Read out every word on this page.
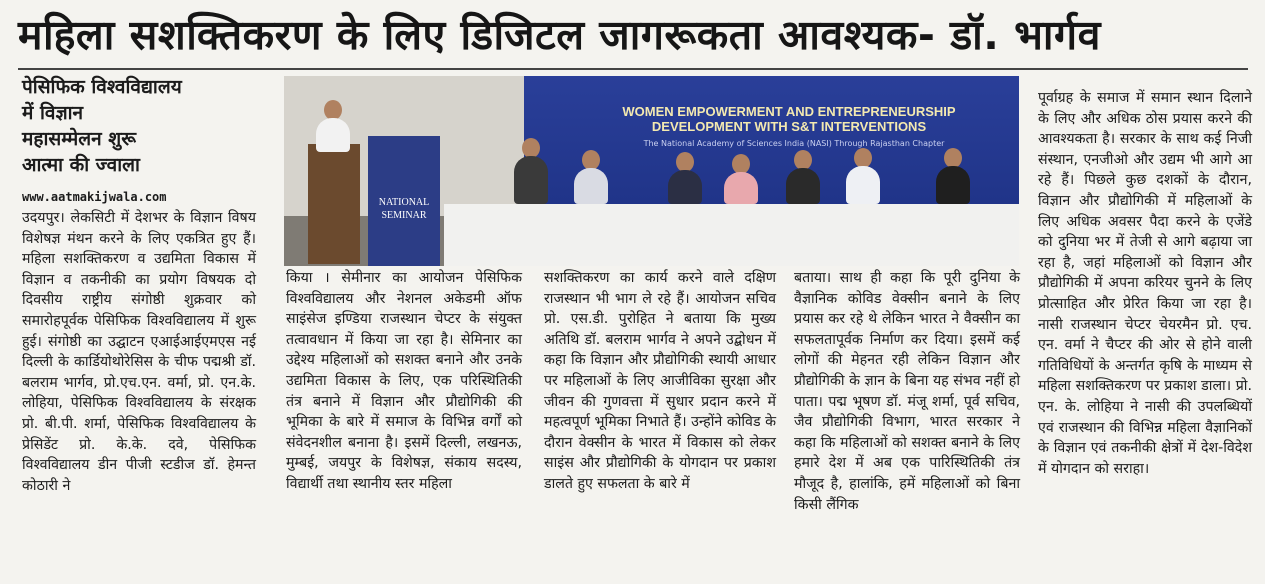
महिला सशक्तिकरण के लिए डिजिटल जागरूकता आवश्यक- डॉ. भार्गव
पेसिफिक विश्वविद्यालय
में विज्ञान
महासम्मेलन शुरू
आत्मा की ज्वाला
www.aatmakijwala.com
WOMEN EMPOWERMENT AND ENTREPRENEURSHIP
DEVELOPMENT WITH S&T INTERVENTIONS
The National Academy of Sciences India (NASI) Through Rajasthan Chapter
NATIONAL
SEMINAR

उदयपुर। लेकसिटी में देशभर के विज्ञान विषय विशेषज्ञ मंथन करने के लिए एकत्रित हुए हैं। महिला सशक्तिकरण व उद्यमिता विकास में विज्ञान व तकनीकी का प्रयोग विषयक दो दिवसीय राष्ट्रीय संगोष्ठी शुक्रवार को समारोहपूर्वक पेसिफिक विश्वविद्यालय में शुरू हुई। संगोष्ठी का उद्घाटन एआईआईएमएस नई दिल्ली के कार्डियोथोरेसिस के चीफ पद्मश्री डॉ. बलराम भार्गव, प्रो.एच.एन. वर्मा, प्रो. एन.के. लोहिया, पेसिफिक विश्वविद्यालय के संरक्षक प्रो. बी.पी. शर्मा, पेसिफिक विश्वविद्यालय के प्रेसिडेंट प्रो. के.के. दवे, पेसिफिक विश्वविद्यालय डीन पीजी स्टडीज डॉ. हेमन्त कोठारी ने

किया । सेमीनार का आयोजन पेसिफिक विश्वविद्यालय और नेशनल अकेडमी ऑफ साइंसेज इण्डिया राजस्थान चेप्टर के संयुक्त तत्वावधान में किया जा रहा है। सेमिनार का उद्देश्य महिलाओं को सशक्त बनाने और उनके उद्यमिता विकास के लिए, एक परिस्थितिकी तंत्र बनाने में विज्ञान और प्रौद्योगिकी की भूमिका के बारे में समाज के विभिन्न वर्गों को संवेदनशील बनाना है। इसमें दिल्ली, लखनऊ, मुम्बई, जयपुर के विशेषज्ञ, संकाय सदस्य, विद्यार्थी तथा स्थानीय स्तर महिला

सशक्तिकरण का कार्य करने वाले दक्षिण राजस्थान भी भाग ले रहे हैं। आयोजन सचिव प्रो. एस.डी. पुरोहित ने बताया कि मुख्य अतिथि डॉ. बलराम भार्गव ने अपने उद्बोधन में कहा कि विज्ञान और प्रौद्योगिकी स्थायी आधार पर महिलाओं के लिए आजीविका सुरक्षा और जीवन की गुणवत्ता में सुधार प्रदान करने में महत्वपूर्ण भूमिका निभाते हैं। उन्होंने कोविड के दौरान वेक्सीन के भारत में विकास को लेकर साइंस और प्रौद्योगिकी के योगदान पर प्रकाश डालते हुए सफलता के बारे में

बताया। साथ ही कहा कि पूरी दुनिया के वैज्ञानिक कोविड वेक्सीन बनाने के लिए प्रयास कर रहे थे लेकिन भारत ने वैक्सीन का सफलतापूर्वक निर्माण कर दिया। इसमें कई लोगों की मेहनत रही लेकिन विज्ञान और प्रौद्योगिकी के ज्ञान के बिना यह संभव नहीं हो पाता। पद्म भूषण डॉ. मंजू शर्मा, पूर्व सचिव, जैव प्रौद्योगिकी विभाग, भारत सरकार ने कहा कि महिलाओं को सशक्त बनाने के लिए हमारे देश में अब एक पारिस्थितिकी तंत्र मौजूद है, हालांकि, हमें महिलाओं को बिना किसी लैंगिक

पूर्वाग्रह के समाज में समान स्थान दिलाने के लिए और अधिक ठोस प्रयास करने की आवश्यकता है। सरकार के साथ कई निजी संस्थान, एनजीओ और उद्यम भी आगे आ रहे हैं। पिछले कुछ दशकों के दौरान, विज्ञान और प्रौद्योगिकी में महिलाओं के लिए अधिक अवसर पैदा करने के एजेंडे को दुनिया भर में तेजी से आगे बढ़ाया जा रहा है, जहां महिलाओं को विज्ञान और प्रौद्योगिकी में अपना करियर चुनने के लिए प्रोत्साहित और प्रेरित किया जा रहा है। नासी राजस्थान चेप्टर चेयरमैन प्रो. एच. एन. वर्मा ने चैप्टर की ओर से होने वाली गतिविधियों के अन्तर्गत कृषि के माध्यम से महिला सशक्तिकरण पर प्रकाश डाला। प्रो. एन. के. लोहिया ने नासी की उपलब्धियों एवं राजस्थान की विभिन्न महिला वैज्ञानिकों के विज्ञान एवं तकनीकी क्षेत्रों में देश-विदेश में योगदान को सराहा।
